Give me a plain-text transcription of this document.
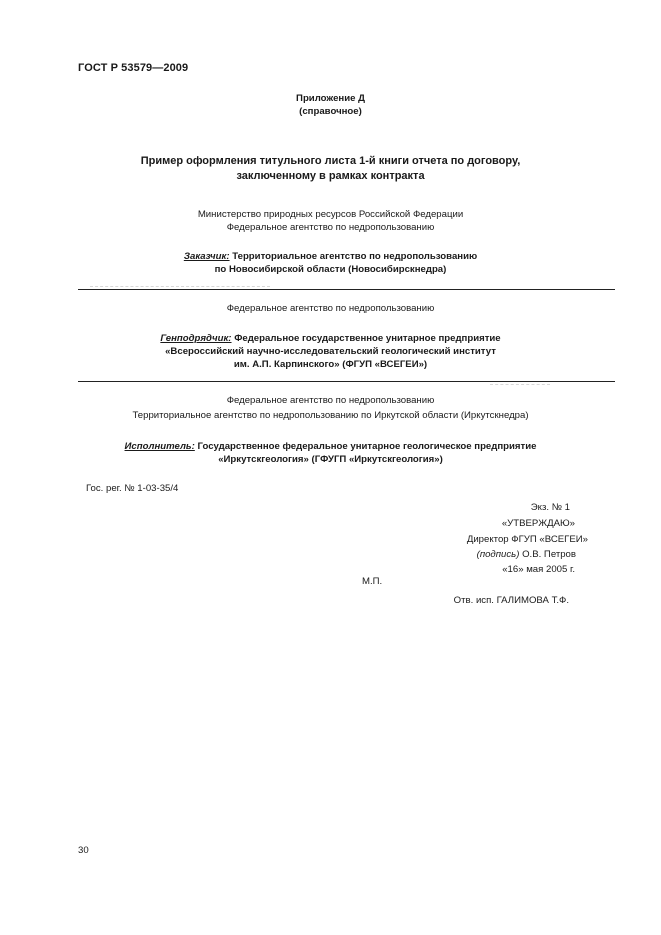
ГОСТ Р 53579—2009
Приложение Д
(справочное)
Пример оформления титульного листа 1-й книги отчета по договору,
заключенному в рамках контракта
Министерство природных ресурсов Российской Федерации
Федеральное агентство по недропользованию
Заказчик: Территориальное агентство по недропользованию
по Новосибирской области (Новосибирскнедра)
Федеральное агентство по недропользованию
Генподрядчик: Федеральное государственное унитарное предприятие
«Всероссийский научно-исследовательский геологический институт
им. А.П. Карпинского» (ФГУП «ВСЕГЕИ»)
Федеральное агентство по недропользованию
Территориальное агентство по недропользованию по Иркутской области (Иркутскнедра)
Исполнитель: Государственное федеральное унитарное геологическое предприятие
«Иркутскгеология» (ГФУГП «Иркутскгеология»)
Гос. рег. № 1-03-35/4
Экз. № 1
«УТВЕРЖДАЮ»
Директор ФГУП «ВСЕГЕИ»
(подпись) О.В. Петров
«16» мая 2005 г.
М.П.
Отв. исп. ГАЛИМОВА Т.Ф.
30
